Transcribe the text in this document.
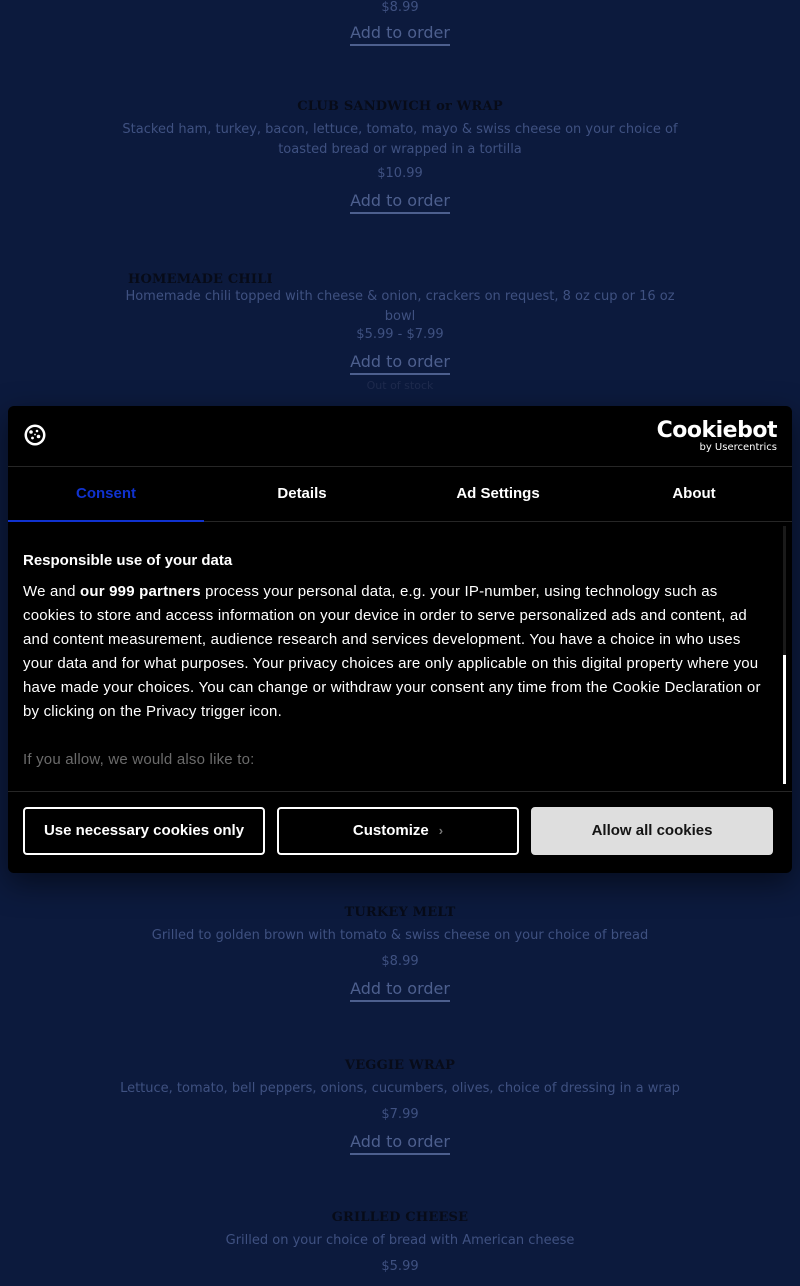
$8.99
Add to order
CLUB SANDWICH or WRAP
Stacked ham, turkey, bacon, lettuce, tomato, mayo & swiss cheese on your choice of toasted bread or wrapped in a tortilla
$10.99
Add to order
HOMEMADE CHILI
Homemade chili topped with cheese & onion, crackers on request, 8 oz cup or 16 oz bowl
$5.99 - $7.99
Add to order
Out of stock
TURKEY MELT
Grilled to golden brown with tomato & swiss cheese on your choice of bread
$8.99
Add to order
VEGGIE WRAP
Lettuce, tomato, bell peppers, onions, cucumbers, olives, choice of dressing in a wrap
$7.99
Add to order
GRILLED CHEESE
Grilled on your choice of bread with American cheese
$5.99
Cookiebot
by Usercentrics
Consent	Details	Ad Settings	About
Responsible use of your data
We and our 999 partners process your personal data, e.g. your IP-number, using technology such as cookies to store and access information on your device in order to serve personalized ads and content, ad and content measurement, audience research and services development. You have a choice in who uses your data and for what purposes. Your privacy choices are only applicable on this digital property where you have made your choices. You can change or withdraw your consent any time from the Cookie Declaration or by clicking on the Privacy trigger icon.
If you allow, we would also like to:
Use necessary cookies only	Customize ›	Allow all cookies
